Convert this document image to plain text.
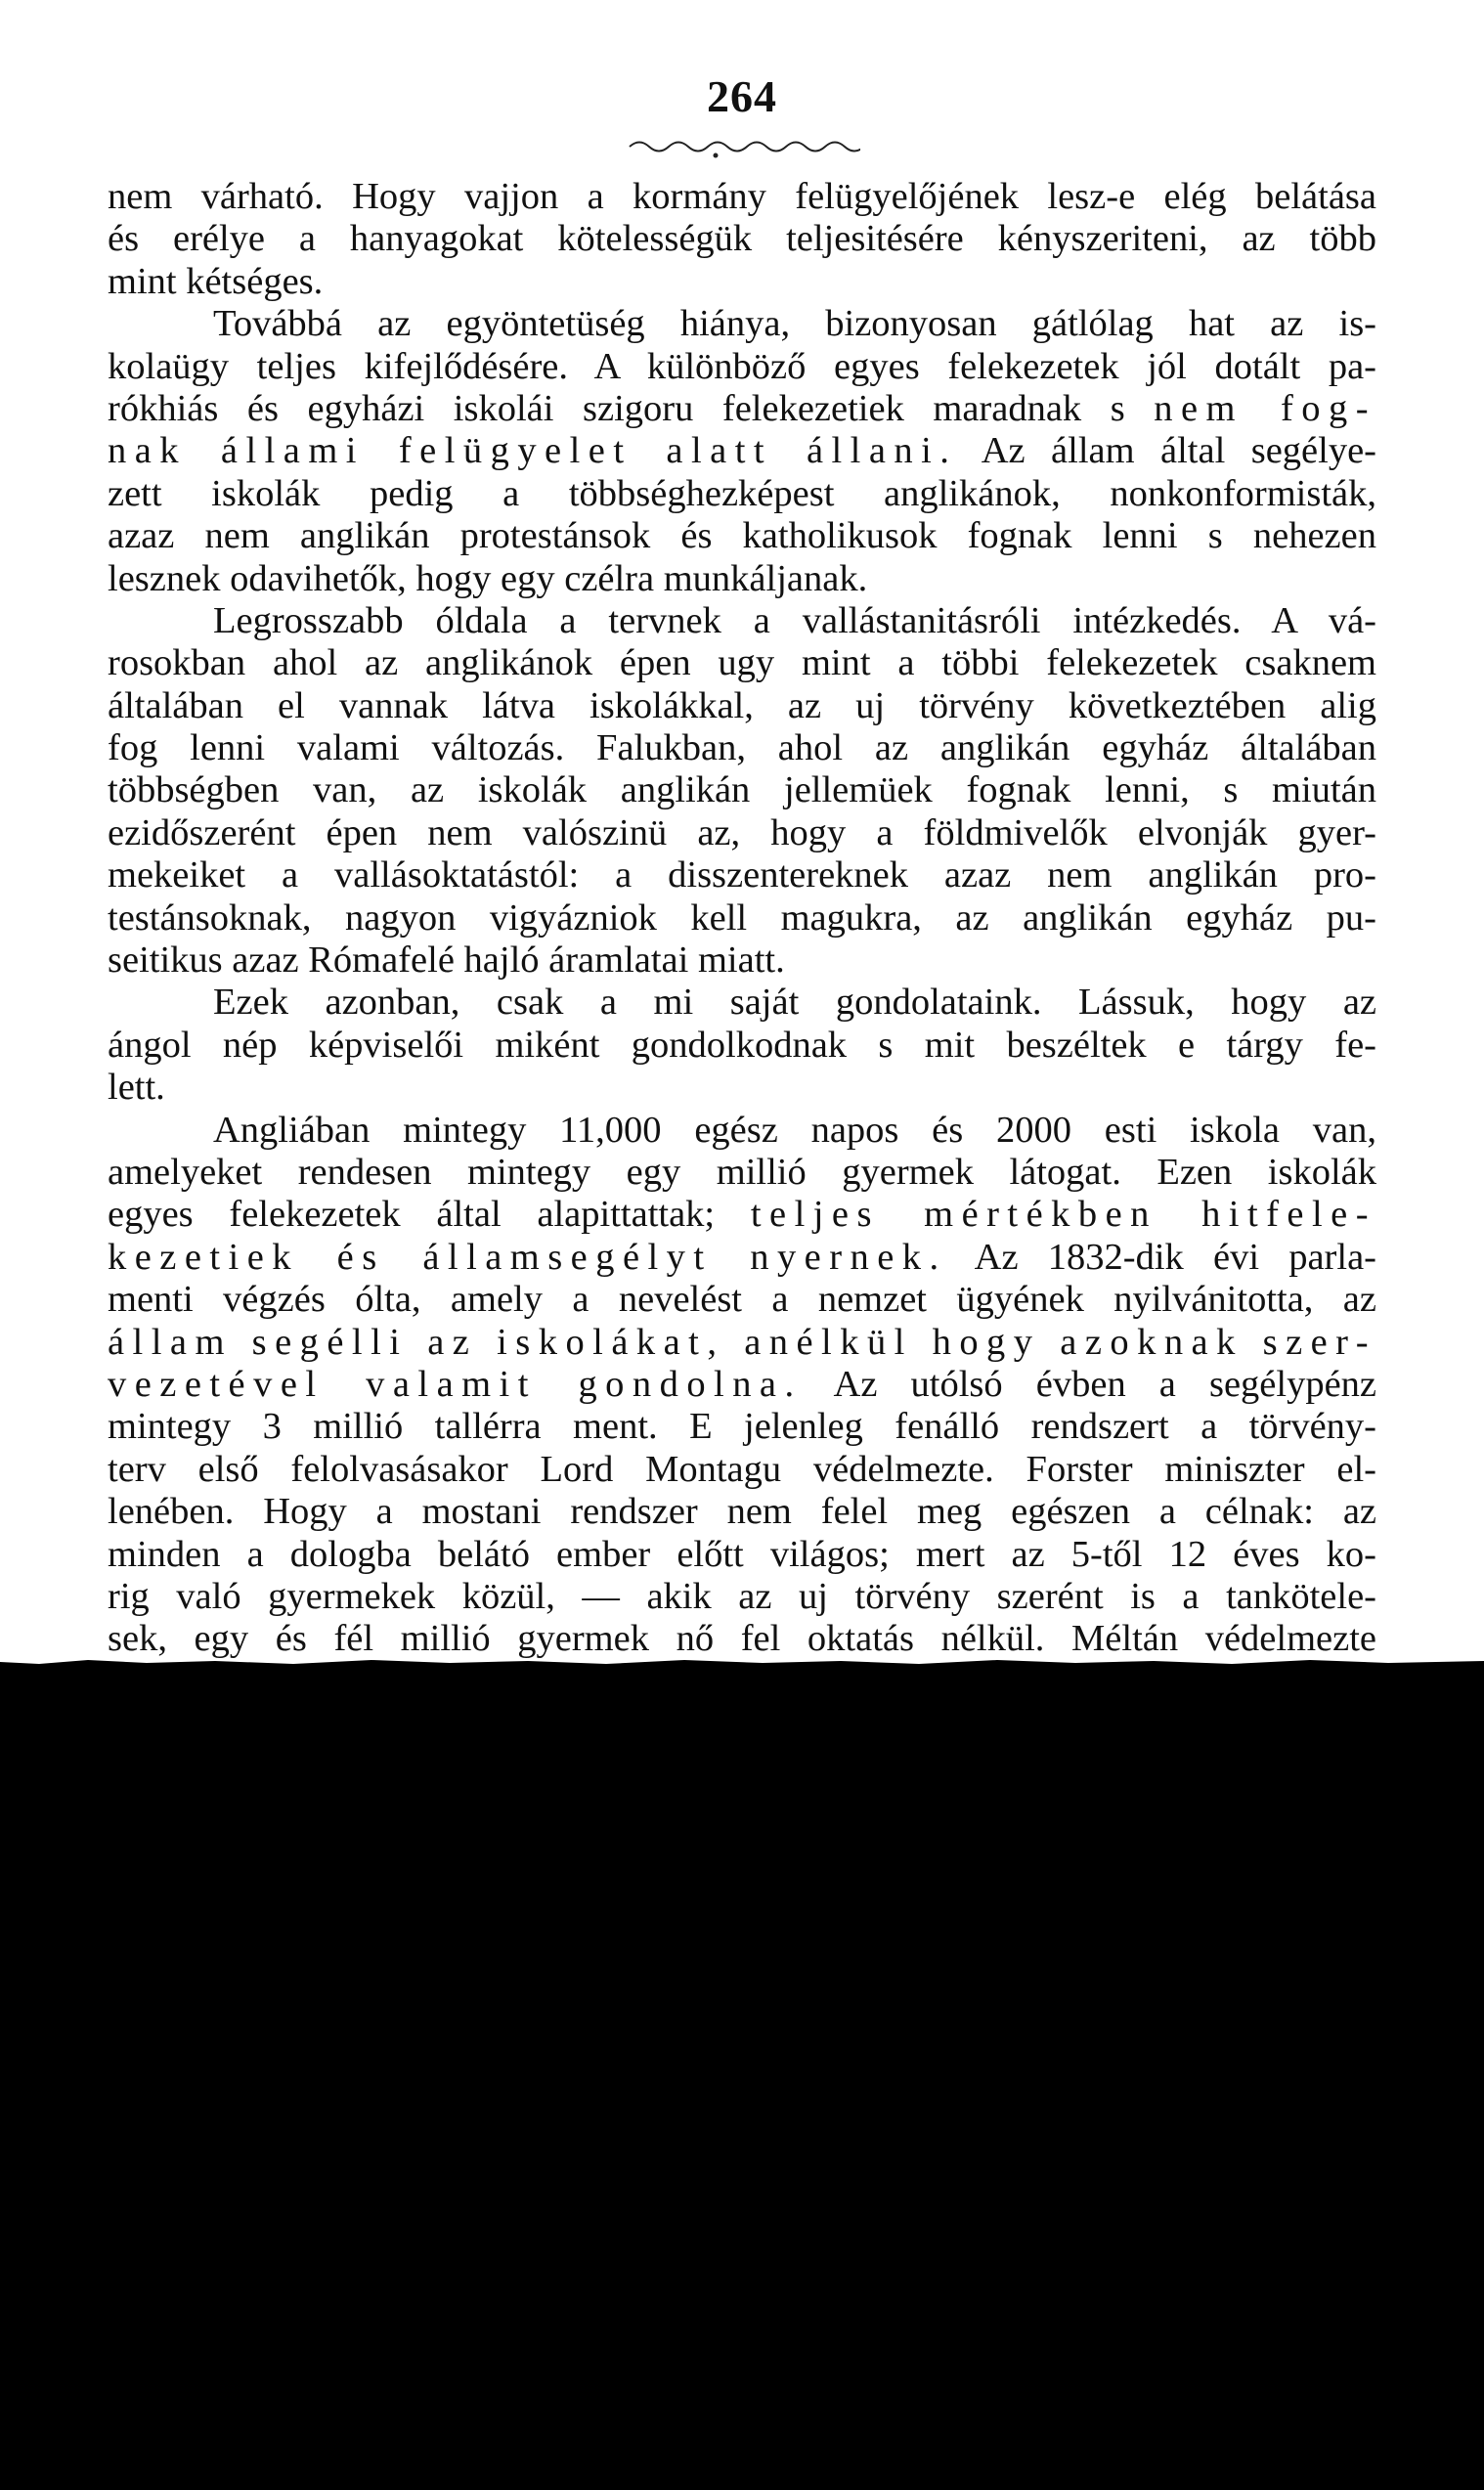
264
nem várható. Hogy vajjon a kormány felügyelőjének lesz-e elég belátása
és erélye a hanyagokat kötelességük teljesitésére kényszeriteni, az több
mint kétséges.
Továbbá az egyöntetüség hiánya, bizonyosan gátlólag hat az is-
kolaügy teljes kifejlődésére. A különböző egyes felekezetek jól dotált pa-
rókhiás és egyházi iskolái szigoru felekezetiek maradnak s nem fog-
nak állami felügyelet alatt állani. Az állam által segélye-
zett iskolák pedig a többséghezképest anglikánok, nonkonformisták,
azaz nem anglikán protestánsok és katholikusok fognak lenni s nehezen
lesznek odavihetők, hogy egy czélra munkáljanak.
Legrosszabb óldala a tervnek a vallástanitásróli intézkedés. A vá-
rosokban ahol az anglikánok épen ugy mint a többi felekezetek csaknem
általában el vannak látva iskolákkal, az uj törvény következtében alig
fog lenni valami változás. Falukban, ahol az anglikán egyház általában
többségben van, az iskolák anglikán jellemüek fognak lenni, s miután
ezidőszerént épen nem valószinü az, hogy a földmivelők elvonják gyer-
mekeiket a vallásoktatástól: a disszentereknek azaz nem anglikán pro-
testánsoknak, nagyon vigyázniok kell magukra, az anglikán egyház pu-
seitikus azaz Rómafelé hajló áramlatai miatt.
Ezek azonban, csak a mi saját gondolataink. Lássuk, hogy az
ángol nép képviselői miként gondolkodnak s mit beszéltek e tárgy fe-
lett.
Angliában mintegy 11,000 egész napos és 2000 esti iskola van,
amelyeket rendesen mintegy egy millió gyermek látogat. Ezen iskolák
egyes felekezetek által alapittattak; teljes mértékben hitfele-
kezetiek és államsegélyt nyernek. Az 1832-dik évi parla-
menti végzés ólta, amely a nevelést a nemzet ügyének nyilvánitotta, az
állam segélli az iskolákat, anélkül hogy azoknak szer-
vezetével valamit gondolna. Az utólsó évben a segélypénz
mintegy 3 millió tallérra ment. E jelenleg fenálló rendszert a törvény-
terv első felolvasásakor Lord Montagu védelmezte. Forster miniszter el-
lenében. Hogy a mostani rendszer nem felel meg egészen a célnak: az
minden a dologba belátó ember előtt világos; mert az 5-től 12 éves ko-
rig való gyermekek közül, — akik az uj törvény szerént is a tankötele-
sek, egy és fél millió gyermek nő fel oktatás nélkül. Méltán védelmezte
